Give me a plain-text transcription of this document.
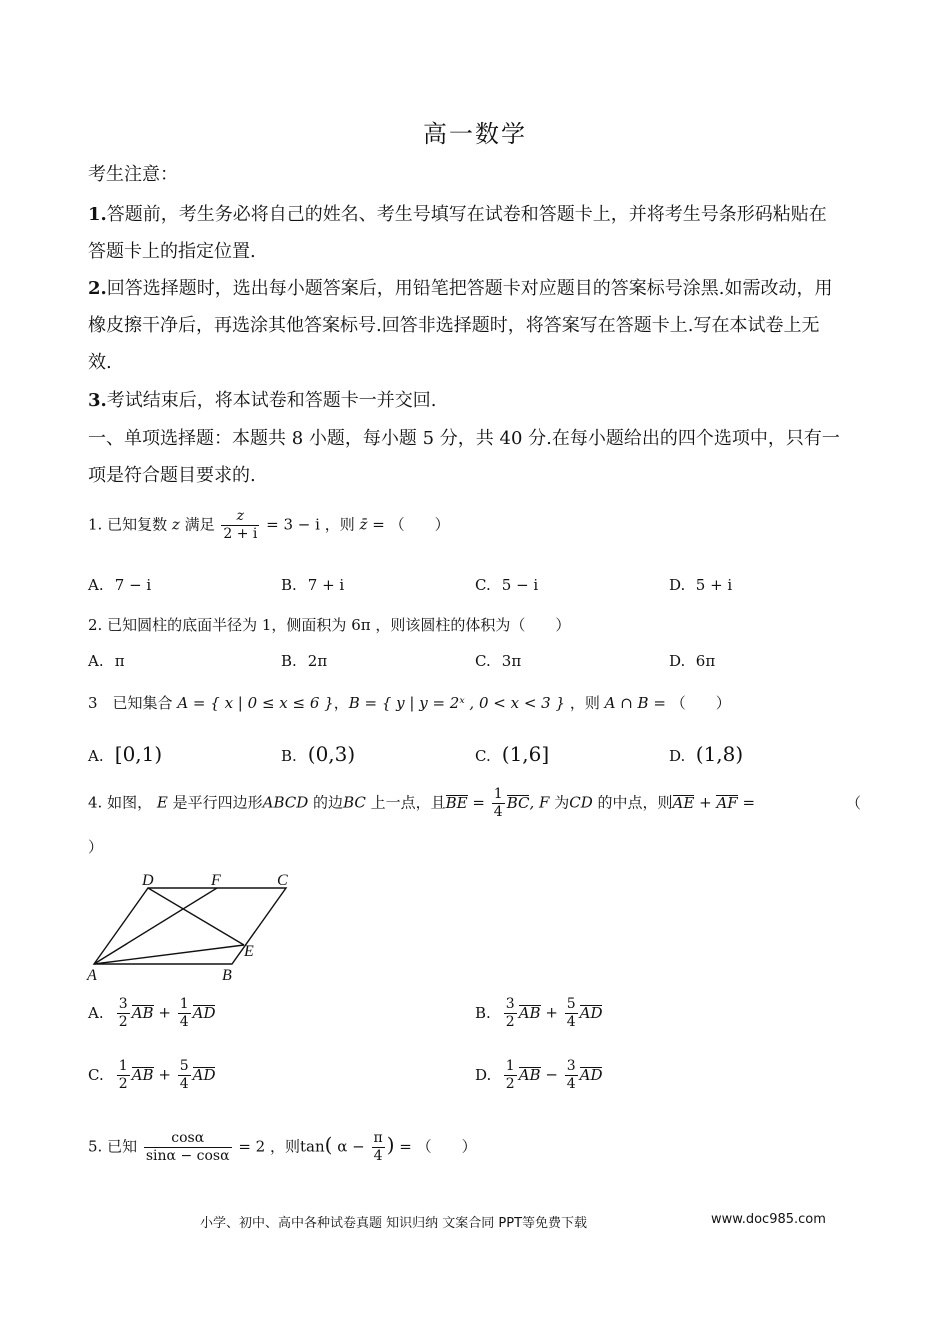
高一数学
考生注意：
1.答题前，考生务必将自己的姓名、考生号填写在试卷和答题卡上，并将考生号条形码粘贴在
答题卡上的指定位置.
2.回答选择题时，选出每小题答案后，用铅笔把答题卡对应题目的答案标号涂黑.如需改动，用
橡皮擦干净后，再选涂其他答案标号.回答非选择题时，将答案写在答题卡上.写在本试卷上无
效.
3.考试结束后，将本试卷和答题卡一并交回.
一、单项选择题：本题共 8 小题，每小题 5 分，共 40 分.在每小题给出的四个选项中，只有一
项是符合题目要求的.
1. 已知复数 z 满足 $\frac{z}{2 + i} = 3 - i$ ，则 z̄ = （　　）
A. 7 − i	B. 7 + i	C. 5 − i	D. 5 + i
2. 已知圆柱的底面半径为 1，侧面积为 6π ，则该圆柱的体积为（　　）
A. π	B. 2π	C. 3π	D. 6π
3　已知集合 A = { x | 0 ≤ x ≤ 6 }，B = { y | y = 2ˣ , 0 < x < 3 } ，则 A ∩ B = （　　）
A. [0,1)	B. (0,3)	C. (1,6]	D. (1,8)
4. 如图， E 是平行四边形ABCD 的边BC 上一点，且BE = $\frac{1}{4}$ BC, F 为CD 的中点，则AE + AF =	（
）
D	F	C
E
A	B
A. $\frac{3}{2}$ AB + $\frac{1}{4}$ AD	B. $\frac{3}{2}$ AB + $\frac{5}{4}$ AD
C. $\frac{1}{2}$ AB + $\frac{5}{4}$ AD	D. $\frac{1}{2}$ AB − $\frac{3}{4}$ AD
5. 已知 $\frac{\cos\alpha}{\sin\alpha - \cos\alpha} = 2$ ，则tan( $\alpha - \frac{\pi}{4}$ ) = （　　）
小学、初中、高中各种试卷真题 知识归纳 文案合同 PPT等免费下载	www.doc985.com
